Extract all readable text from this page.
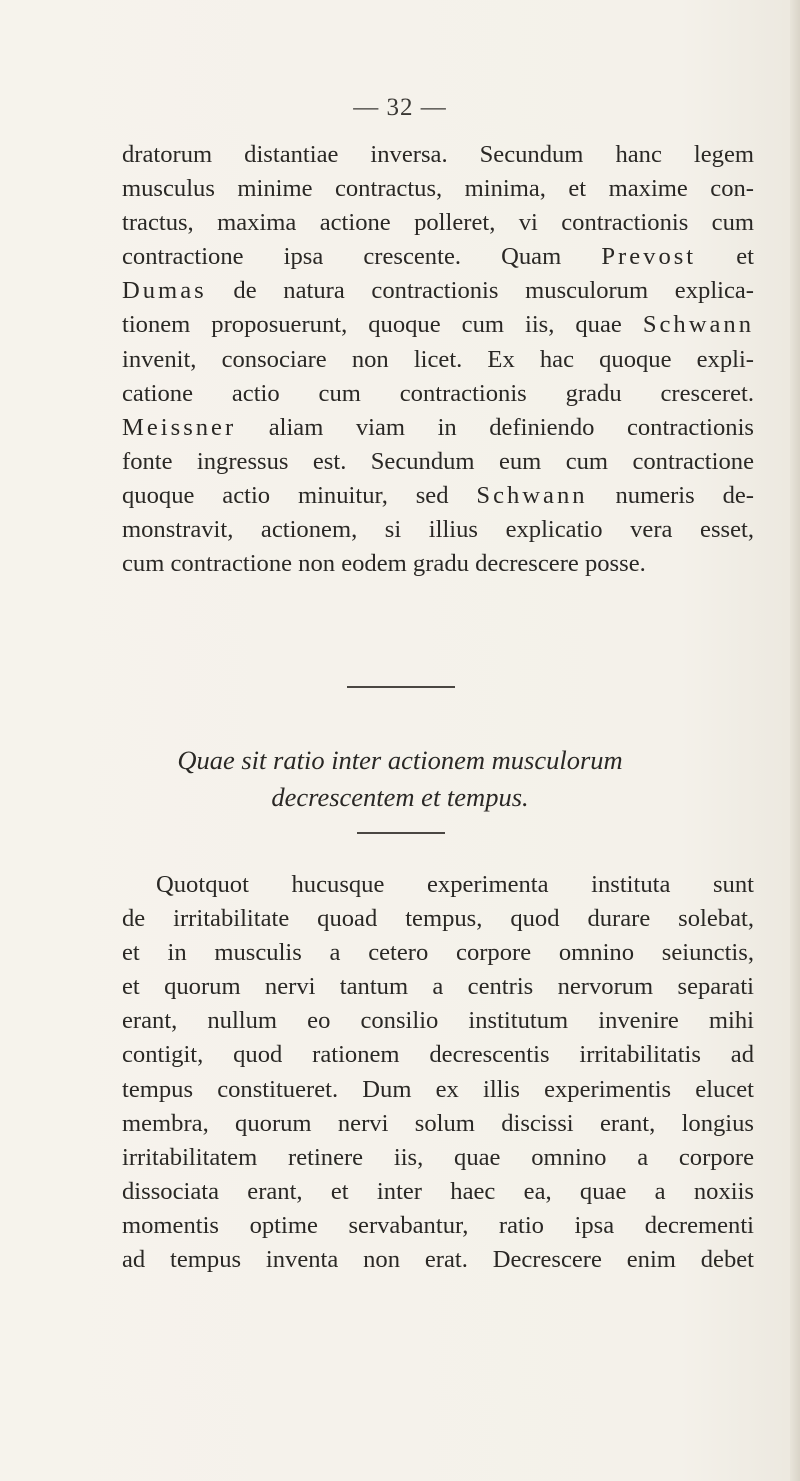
— 32 —
dratorum distantiae inversa. Secundum hanc legem
musculus minime contractus, minima, et maxime con-
tractus, maxima actione polleret, vi contractionis cum
contractione ipsa crescente. Quam Prevost et
Dumas de natura contractionis musculorum explica-
tionem proposuerunt, quoque cum iis, quae Schwann
invenit, consociare non licet. Ex hac quoque expli-
catione actio cum contractionis gradu cresceret.
Meissner aliam viam in definiendo contractionis
fonte ingressus est. Secundum eum cum contractione
quoque actio minuitur, sed Schwann numeris de-
monstravit, actionem, si illius explicatio vera esset,
cum contractione non eodem gradu decrescere posse.
Quae sit ratio inter actionem musculorum
decrescentem et tempus.
Quotquot hucusque experimenta instituta sunt
de irritabilitate quoad tempus, quod durare solebat,
et in musculis a cetero corpore omnino seiunctis,
et quorum nervi tantum a centris nervorum separati
erant, nullum eo consilio institutum invenire mihi
contigit, quod rationem decrescentis irritabilitatis ad
tempus constitueret. Dum ex illis experimentis elucet
membra, quorum nervi solum discissi erant, longius
irritabilitatem retinere iis, quae omnino a corpore
dissociata erant, et inter haec ea, quae a noxiis
momentis optime servabantur, ratio ipsa decrementi
ad tempus inventa non erat. Decrescere enim debet
